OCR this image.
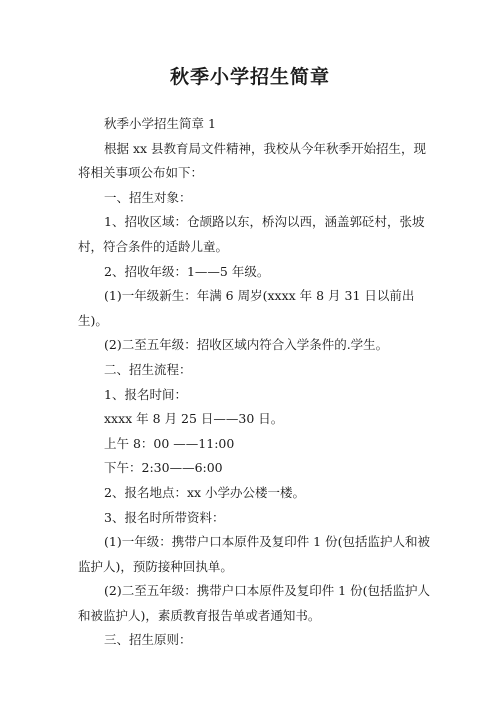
秋季小学招生简章

秋季小学招生简章 1

根据 xx 县教育局文件精神，我校从今年秋季开始招生，现将相关事项公布如下：

一、招生对象：

1、招收区域：仓颉路以东，桥沟以西，涵盖郭砭村，张坡村，符合条件的适龄儿童。

2、招收年级：1——5 年级。

(1)一年级新生：年满 6 周岁(xxxx 年 8 月 31 日以前出生)。

(2)二至五年级：招收区域内符合入学条件的.学生。

二、招生流程：

1、报名时间：

xxxx 年 8 月 25 日——30 日。

上午 8：00 ——11:00

下午：2:30——6:00

2、报名地点：xx 小学办公楼一楼。

3、报名时所带资料：

(1)一年级：携带户口本原件及复印件 1 份(包括监护人和被监护人)，预防接种回执单。

(2)二至五年级：携带户口本原件及复印件 1 份(包括监护人和被监护人)，素质教育报告单或者通知书。

三、招生原则：
